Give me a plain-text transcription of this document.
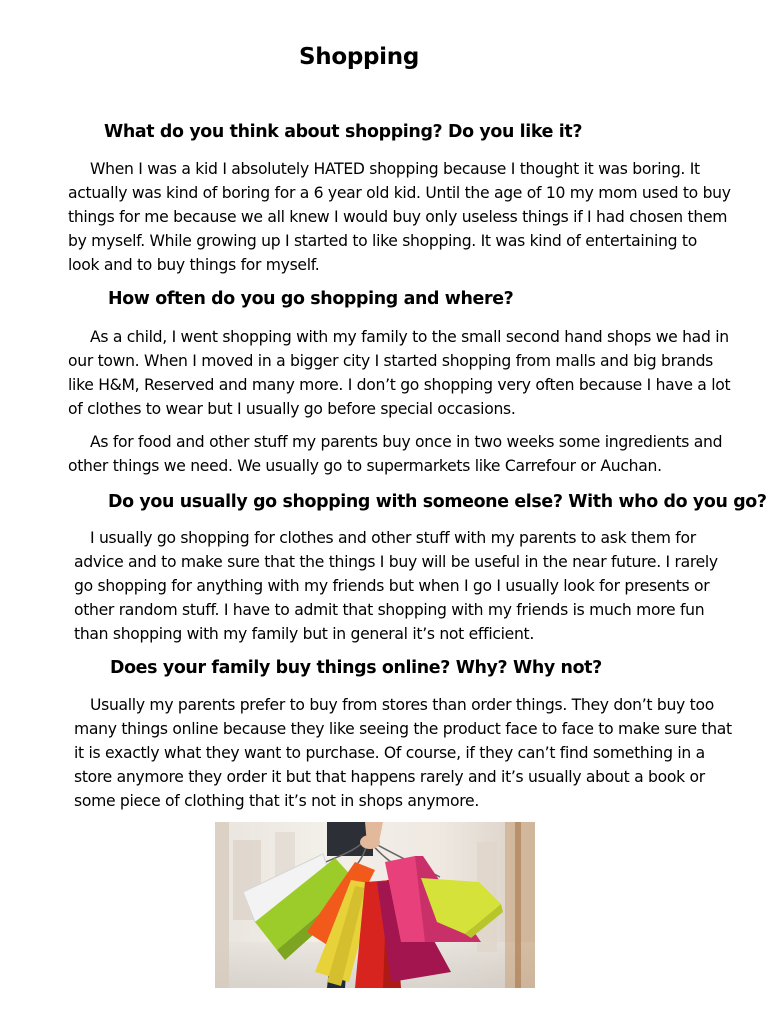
Shopping
What do you think about shopping? Do you like it?
When I was a kid I absolutely HATED shopping because I thought it was boring. It
actually was kind of boring for a 6 year old kid. Until the age of 10 my mom used to buy
things for me because we all knew I would buy only useless things if I had chosen them
by myself. While growing up I started to like shopping. It was kind of entertaining to
look and to buy things for myself.
How often do you go shopping and where?
As a child, I went shopping with my family to the small second hand shops we had in
our town. When I moved in a bigger city I started shopping from malls and big brands
like H&M, Reserved and many more. I don’t go shopping very often because I have a lot
of clothes to wear but I usually go before special occasions.
As for food and other stuff my parents buy once in two weeks some ingredients and
other things we need. We usually go to supermarkets like Carrefour or Auchan.
Do you usually go shopping with someone else? With who do you go?
I usually go shopping for clothes and other stuff with my parents to ask them for
advice and to make sure that the things I buy will be useful in the near future. I rarely
go shopping for anything with my friends but when I go I usually look for presents or
other random stuff. I have to admit that shopping with my friends is much more fun
than shopping with my family but in general it’s not efficient.
Does your family buy things online? Why? Why not?
Usually my parents prefer to buy from stores than order things. They don’t buy too
many things online because they like seeing the product face to face to make sure that
it is exactly what they want to purchase. Of course, if they can’t find something in a
store anymore they order it but that happens rarely and it’s usually about a book or
some piece of clothing that it’s not in shops anymore.
